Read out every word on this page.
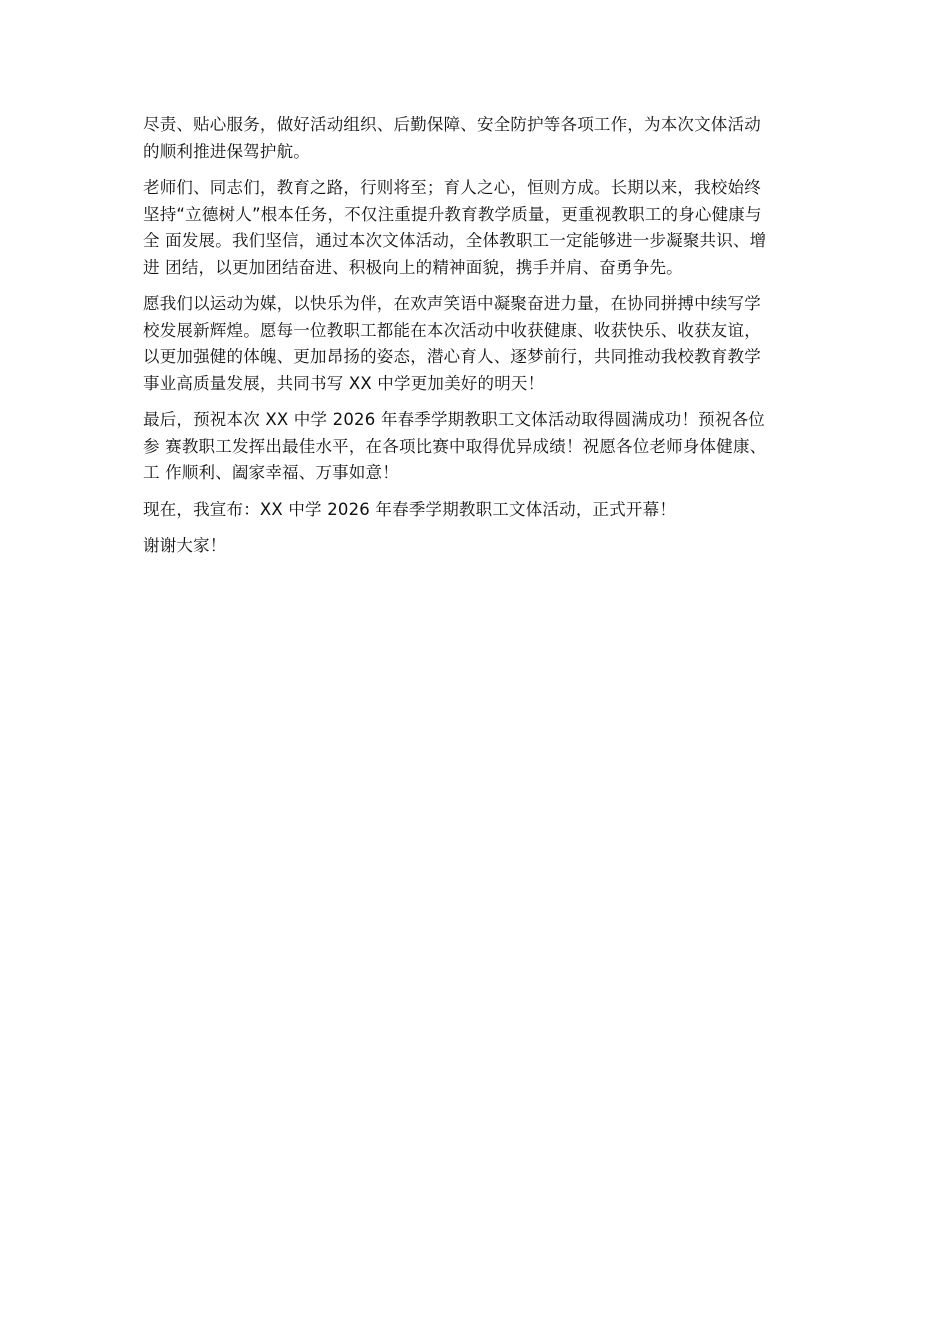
尽责、贴心服务，做好活动组织、后勤保障、安全防护等各项工作，为本次文体活动
的顺利推进保驾护航。

老师们、同志们，教育之路，行则将至；育人之心，恒则方成。长期以来，我校始终
坚持“立德树人”根本任务，不仅注重提升教育教学质量，更重视教职工的身心健康与
全 面发展。我们坚信，通过本次文体活动，全体教职工一定能够进一步凝聚共识、增
进 团结，以更加团结奋进、积极向上的精神面貌，携手并肩、奋勇争先。

愿我们以运动为媒，以快乐为伴，在欢声笑语中凝聚奋进力量，在协同拼搏中续写学
校发展新辉煌。愿每一位教职工都能在本次活动中收获健康、收获快乐、收获友谊，
以更加强健的体魄、更加昂扬的姿态，潜心育人、逐梦前行，共同推动我校教育教学
事业高质量发展，共同书写 XX 中学更加美好的明天！

最后，预祝本次 XX 中学 2026 年春季学期教职工文体活动取得圆满成功！预祝各位
参 赛教职工发挥出最佳水平，在各项比赛中取得优异成绩！祝愿各位老师身体健康、
工 作顺利、阖家幸福、万事如意！

现在，我宣布：XX 中学 2026 年春季学期教职工文体活动，正式开幕！

谢谢大家！
